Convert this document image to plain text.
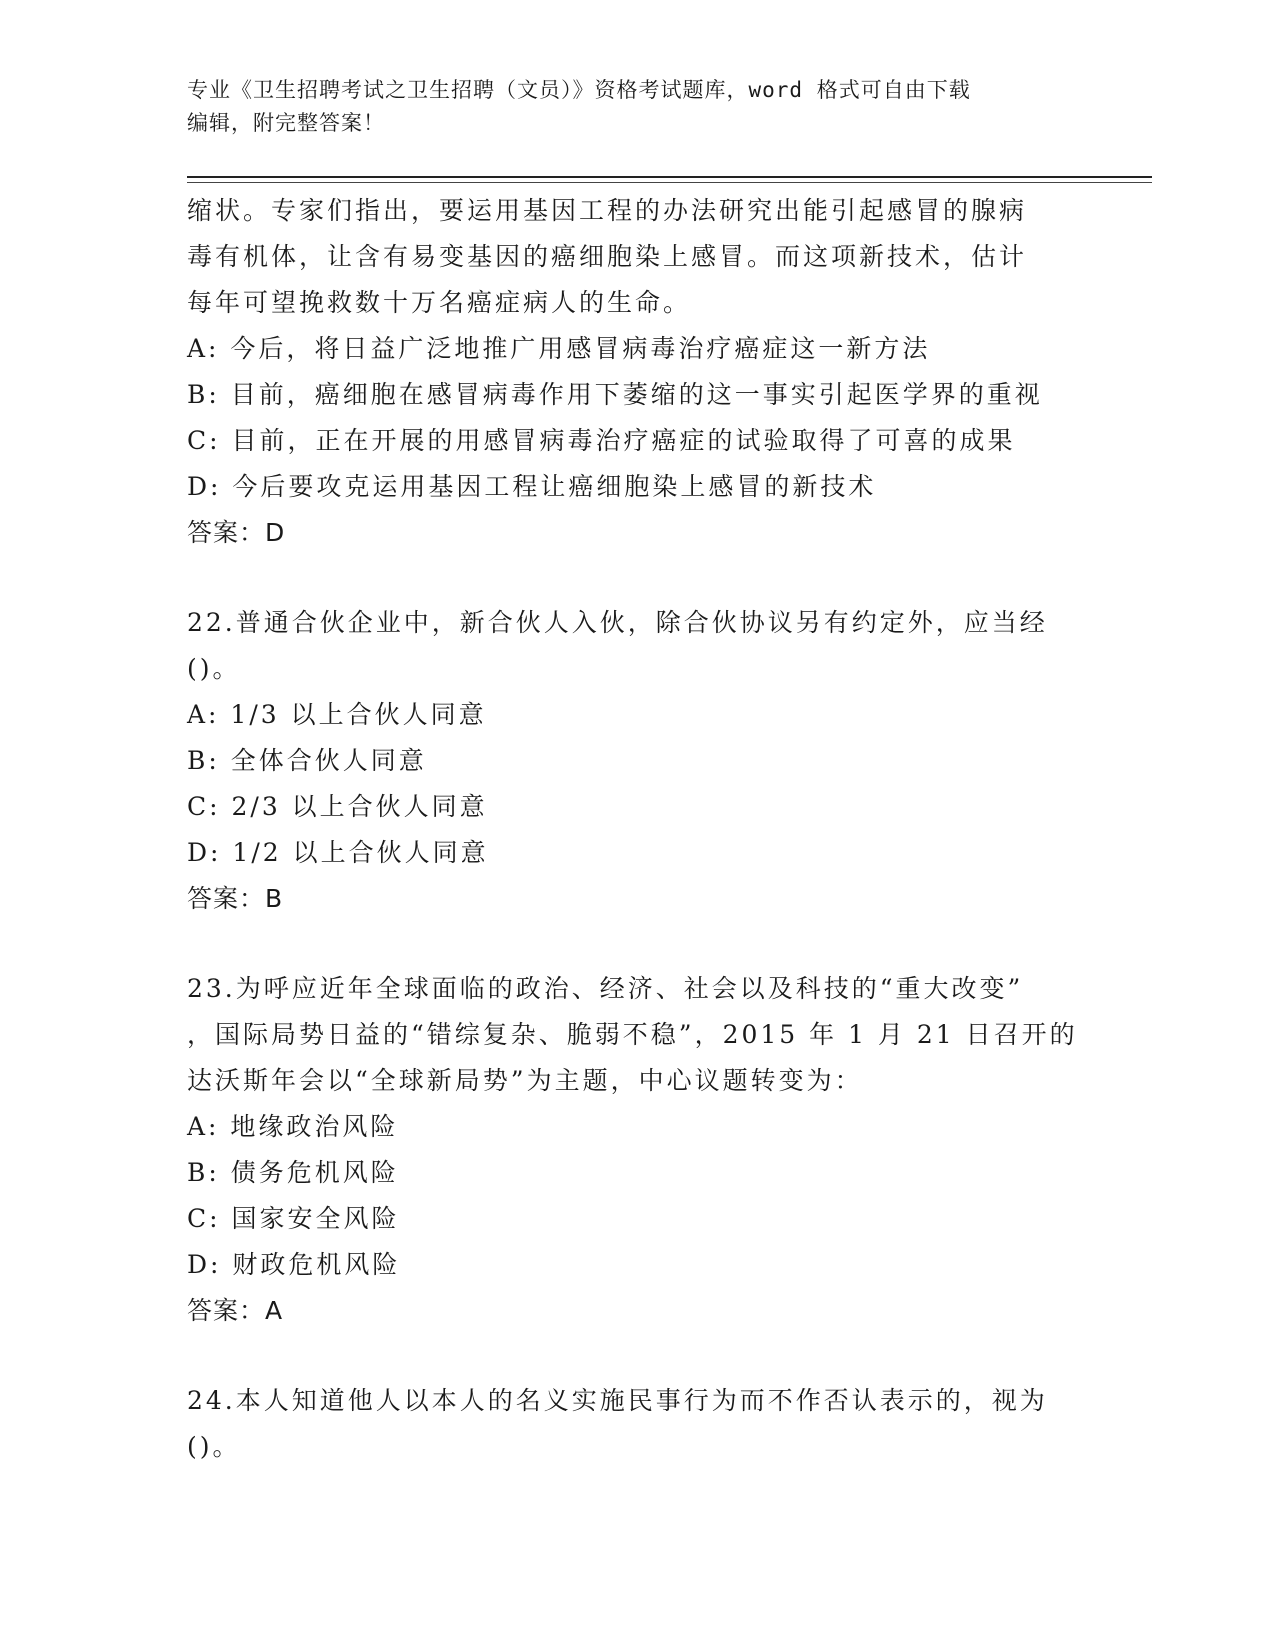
专业《卫生招聘考试之卫生招聘（文员）》资格考试题库，word 格式可自由下载
编辑，附完整答案！
缩状。专家们指出，要运用基因工程的办法研究出能引起感冒的腺病
毒有机体，让含有易变基因的癌细胞染上感冒。而这项新技术，估计
每年可望挽救数十万名癌症病人的生命。
A: 今后，将日益广泛地推广用感冒病毒治疗癌症这一新方法
B: 目前，癌细胞在感冒病毒作用下萎缩的这一事实引起医学界的重视
C: 目前，正在开展的用感冒病毒治疗癌症的试验取得了可喜的成果
D: 今后要攻克运用基因工程让癌细胞染上感冒的新技术
答案：D
22.普通合伙企业中，新合伙人入伙，除合伙协议另有约定外，应当经
()。
A: 1/3 以上合伙人同意
B: 全体合伙人同意
C: 2/3 以上合伙人同意
D: 1/2 以上合伙人同意
答案：B
23.为呼应近年全球面临的政治、经济、社会以及科技的“重大改变”
，国际局势日益的“错综复杂、脆弱不稳”，2015 年 1 月 21 日召开的
达沃斯年会以“全球新局势”为主题，中心议题转变为：
A: 地缘政治风险
B: 债务危机风险
C: 国家安全风险
D: 财政危机风险
答案：A
24.本人知道他人以本人的名义实施民事行为而不作否认表示的，视为
()。
